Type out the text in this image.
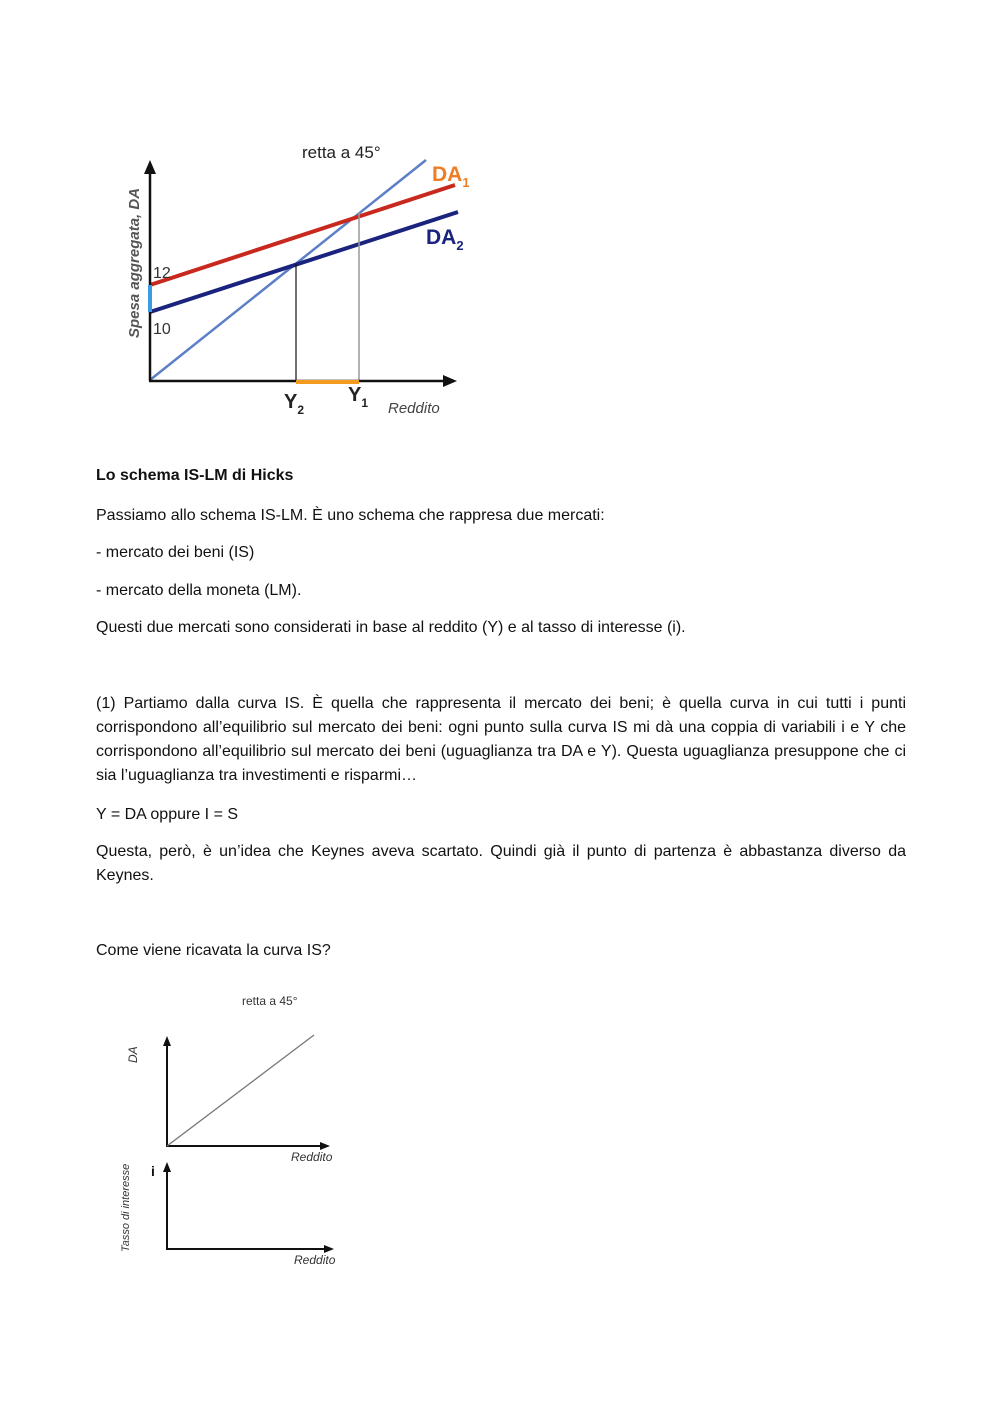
retta a 45°
$DA_1$
$DA_2$
Spesa aggregata, DA 12
10
$Y_2$
$Y_1$ Reddito

Lo schema IS-LM di Hicks

Passiamo allo schema IS-LM. È uno schema che rappresa due mercati:

- mercato dei beni (IS)

- mercato della moneta (LM).

Questi due mercati sono considerati in base al reddito (Y) e al tasso di interesse (i).

(1) Partiamo dalla curva IS. È quella che rappresenta il mercato dei beni; è quella curva in cui tutti i punti corrispondono all’equilibrio sul mercato dei beni: ogni punto sulla curva IS mi dà una coppia di variabili i e Y che corrispondono all’equilibrio sul mercato dei beni (uguaglianza tra DA e Y). Questa uguaglianza presuppone che ci sia l’uguaglianza tra investimenti e risparmi…

Y = DA oppure I = S

Questa, però, è un’idea che Keynes aveva scartato. Quindi già il punto di partenza è abbastanza diverso da Keynes.

Come viene ricavata la curva IS?

retta a 45°
DA
Reddito
Tasso di interesse i
Reddito
